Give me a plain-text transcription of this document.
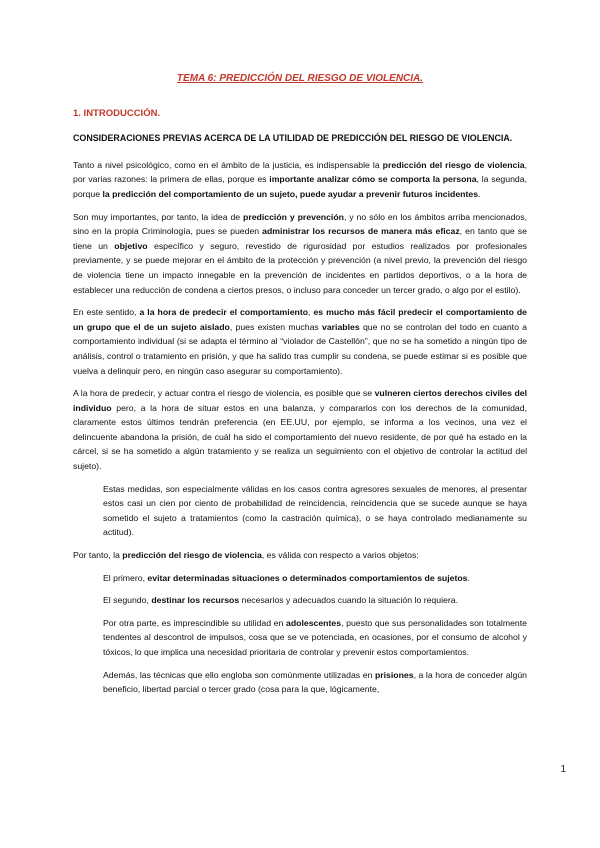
TEMA 6: PREDICCIÓN DEL RIESGO DE VIOLENCIA.
1. INTRODUCCIÓN.
CONSIDERACIONES PREVIAS ACERCA DE LA UTILIDAD DE PREDICCIÓN DEL RIESGO DE VIOLENCIA.

Tanto a nivel psicológico, como en el ámbito de la justicia, es indispensable la predicción del riesgo de violencia, por varias razones: la primera de ellas, porque es importante analizar cómo se comporta la persona, la segunda, porque la predicción del comportamiento de un sujeto, puede ayudar a prevenir futuros incidentes.

Son muy importantes, por tanto, la idea de predicción y prevención, y no sólo en los ámbitos arriba mencionados, sino en la propia Criminología, pues se pueden administrar los recursos de manera más eficaz, en tanto que se tiene un objetivo específico y seguro, revestido de rigurosidad por estudios realizados por profesionales previamente, y se puede mejorar en el ámbito de la protección y prevención (a nivel previo, la prevención del riesgo de violencia tiene un impacto innegable en la prevención de incidentes en partidos deportivos, o a la hora de establecer una reducción de condena a ciertos presos, o incluso para conceder un tercer grado, o algo por el estilo).

En este sentido, a la hora de predecir el comportamiento, es mucho más fácil predecir el comportamiento de un grupo que el de un sujeto aislado, pues existen muchas variables que no se controlan del todo en cuanto a comportamiento individual (si se adapta el término al “violador de Castellón”, que no se ha sometido a ningún tipo de análisis, control o tratamiento en prisión, y que ha salido tras cumplir su condena, se puede estimar si es posible que vuelva a delinquir pero, en ningún caso asegurar su comportamiento).

A la hora de predecir, y actuar contra el riesgo de violencia, es posible que se vulneren ciertos derechos civiles del individuo pero, a la hora de situar estos en una balanza, y compararlos con los derechos de la comunidad, claramente estos últimos tendrán preferencia (en EE.UU, por ejemplo, se informa a los vecinos, una vez el delincuente abandona la prisión, de cuál ha sido el comportamiento del nuevo residente, de por qué ha estado en la cárcel, si se ha sometido a algún tratamiento y se realiza un seguimiento con el objetivo de controlar la actitud del sujeto).

Estas medidas, son especialmente válidas en los casos contra agresores sexuales de menores, al presentar estos casi un cien por ciento de probabilidad de reincidencia, reincidencia que se sucede aunque se haya sometido el sujeto a tratamientos (como la castración química), o se haya controlado medianamente su actitud).

Por tanto, la predicción del riesgo de violencia, es válida con respecto a varios objetos:

El primero, evitar determinadas situaciones o determinados comportamientos de sujetos.

El segundo, destinar los recursos necesarios y adecuados cuando la situación lo requiera.

Por otra parte, es imprescindible su utilidad en adolescentes, puesto que sus personalidades son totalmente tendentes al descontrol de impulsos, cosa que se ve potenciada, en ocasiones, por el consumo de alcohol y tóxicos, lo que implica una necesidad prioritaria de controlar y prevenir estos comportamientos.

Además, las técnicas que ello engloba son comúnmente utilizadas en prisiones, a la hora de conceder algún beneficio, libertad parcial o tercer grado (cosa para la que, lógicamente,

1
